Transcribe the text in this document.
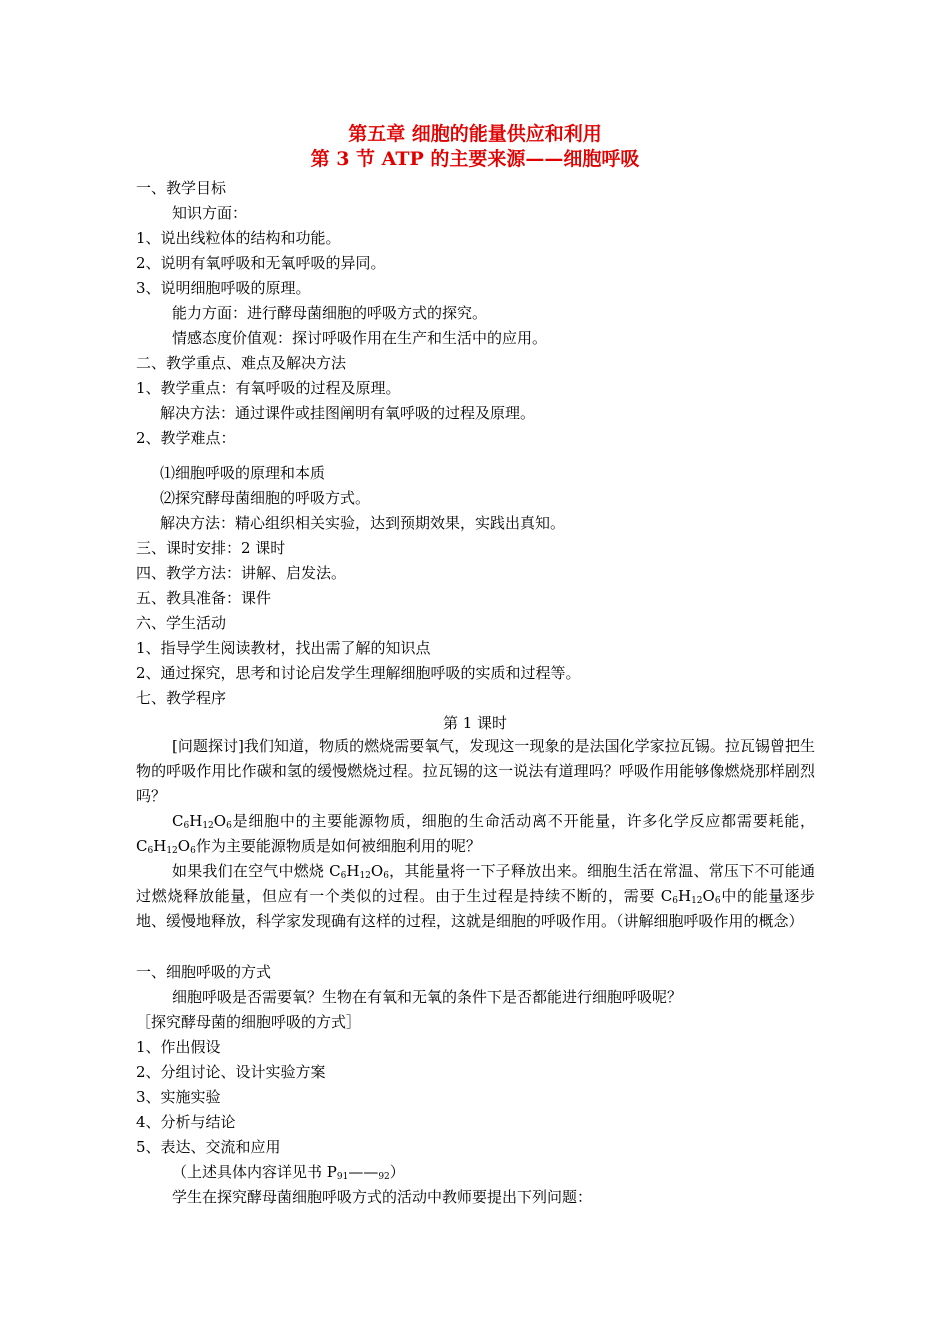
第五章 细胞的能量供应和利用
第 3 节 ATP 的主要来源——细胞呼吸
一、教学目标
知识方面：
1、说出线粒体的结构和功能。
2、说明有氧呼吸和无氧呼吸的异同。
3、说明细胞呼吸的原理。
能力方面：进行酵母菌细胞的呼吸方式的探究。
情感态度价值观：探讨呼吸作用在生产和生活中的应用。
二、教学重点、难点及解决方法
1、教学重点：有氧呼吸的过程及原理。
解决方法：通过课件或挂图阐明有氧呼吸的过程及原理。
2、教学难点：
⑴细胞呼吸的原理和本质
⑵探究酵母菌细胞的呼吸方式。
解决方法：精心组织相关实验，达到预期效果，实践出真知。
三、课时安排：2 课时
四、教学方法：讲解、启发法。
五、教具准备：课件
六、学生活动
1、指导学生阅读教材，找出需了解的知识点
2、通过探究，思考和讨论启发学生理解细胞呼吸的实质和过程等。
七、教学程序
第 1 课时
[问题探讨]我们知道，物质的燃烧需要氧气，发现这一现象的是法国化学家拉瓦锡。拉瓦锡曾把生物的呼吸作用比作碳和氢的缓慢燃烧过程。拉瓦锡的这一说法有道理吗？呼吸作用能够像燃烧那样剧烈吗？
$C_6H_{12}O_6$是细胞中的主要能源物质，细胞的生命活动离不开能量，许多化学反应都需要耗能，$C_6H_{12}O_6$作为主要能源物质是如何被细胞利用的呢？
如果我们在空气中燃烧 $C_6H_{12}O_6$，其能量将一下子释放出来。细胞生活在常温、常压下不可能通过燃烧释放能量，但应有一个类似的过程。由于生过程是持续不断的，需要 $C_6H_{12}O_6$中的能量逐步地、缓慢地释放，科学家发现确有这样的过程，这就是细胞的呼吸作用。（讲解细胞呼吸作用的概念）
一、细胞呼吸的方式
细胞呼吸是否需要氧？生物在有氧和无氧的条件下是否都能进行细胞呼吸呢？
［探究酵母菌的细胞呼吸的方式］
1、作出假设
2、分组讨论、设计实验方案
3、实施实验
4、分析与结论
5、表达、交流和应用
（上述具体内容详见书 $P_{91}——_{92}$）
学生在探究酵母菌细胞呼吸方式的活动中教师要提出下列问题：
